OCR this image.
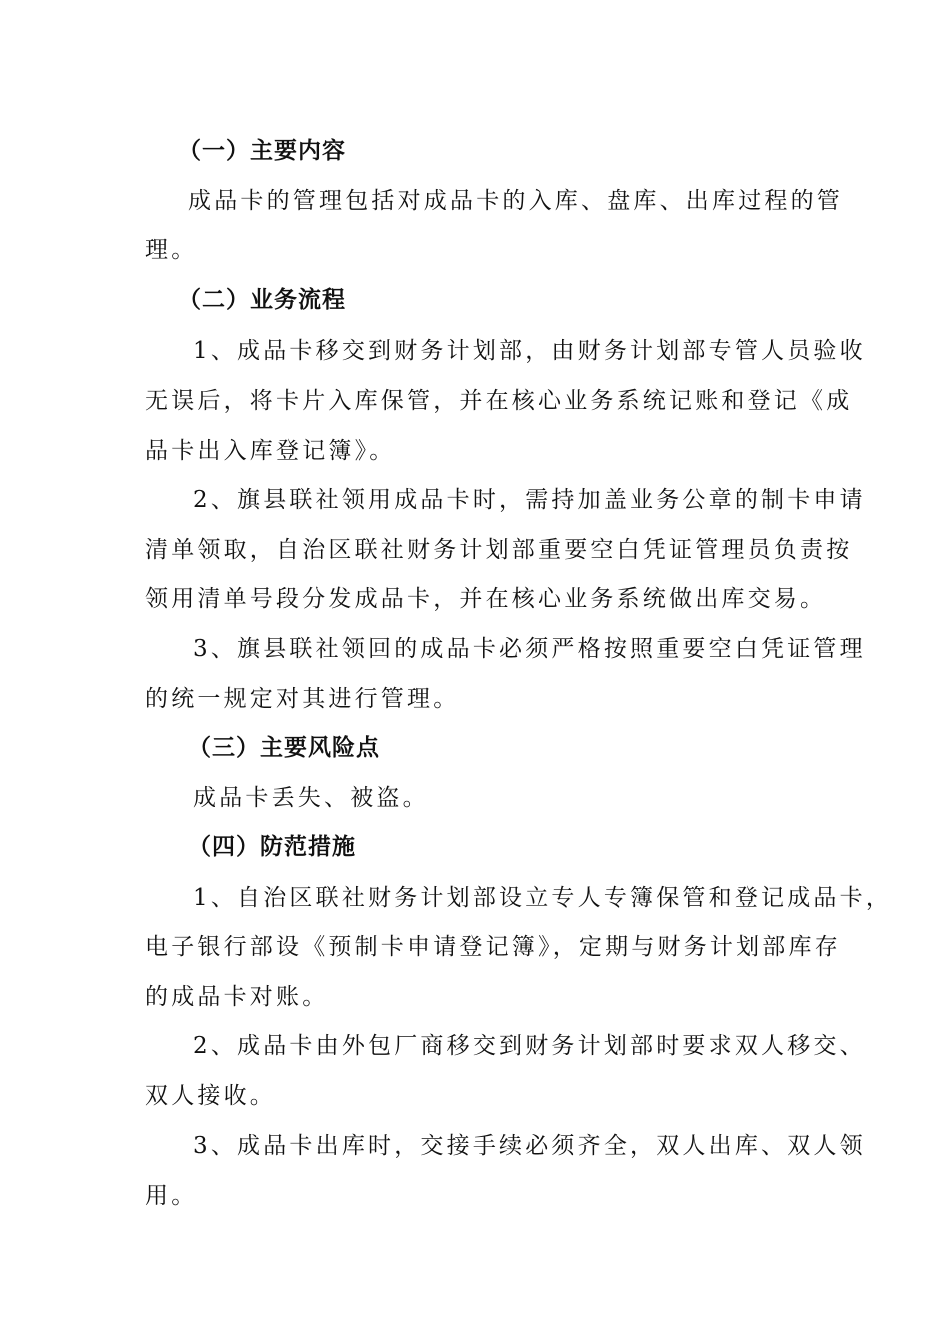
（一）主要内容
成品卡的管理包括对成品卡的入库、盘库、出库过程的管
理。
（二）业务流程
1、成品卡移交到财务计划部，由财务计划部专管人员验收
无误后，将卡片入库保管，并在核心业务系统记账和登记《成
品卡出入库登记簿》。
2、旗县联社领用成品卡时，需持加盖业务公章的制卡申请
清单领取，自治区联社财务计划部重要空白凭证管理员负责按
领用清单号段分发成品卡，并在核心业务系统做出库交易。
3、旗县联社领回的成品卡必须严格按照重要空白凭证管理
的统一规定对其进行管理。
（三）主要风险点
成品卡丢失、被盗。
（四）防范措施
1、自治区联社财务计划部设立专人专簿保管和登记成品卡，
电子银行部设《预制卡申请登记簿》，定期与财务计划部库存
的成品卡对账。
2、成品卡由外包厂商移交到财务计划部时要求双人移交、
双人接收。
3、成品卡出库时，交接手续必须齐全，双人出库、双人领
用。
